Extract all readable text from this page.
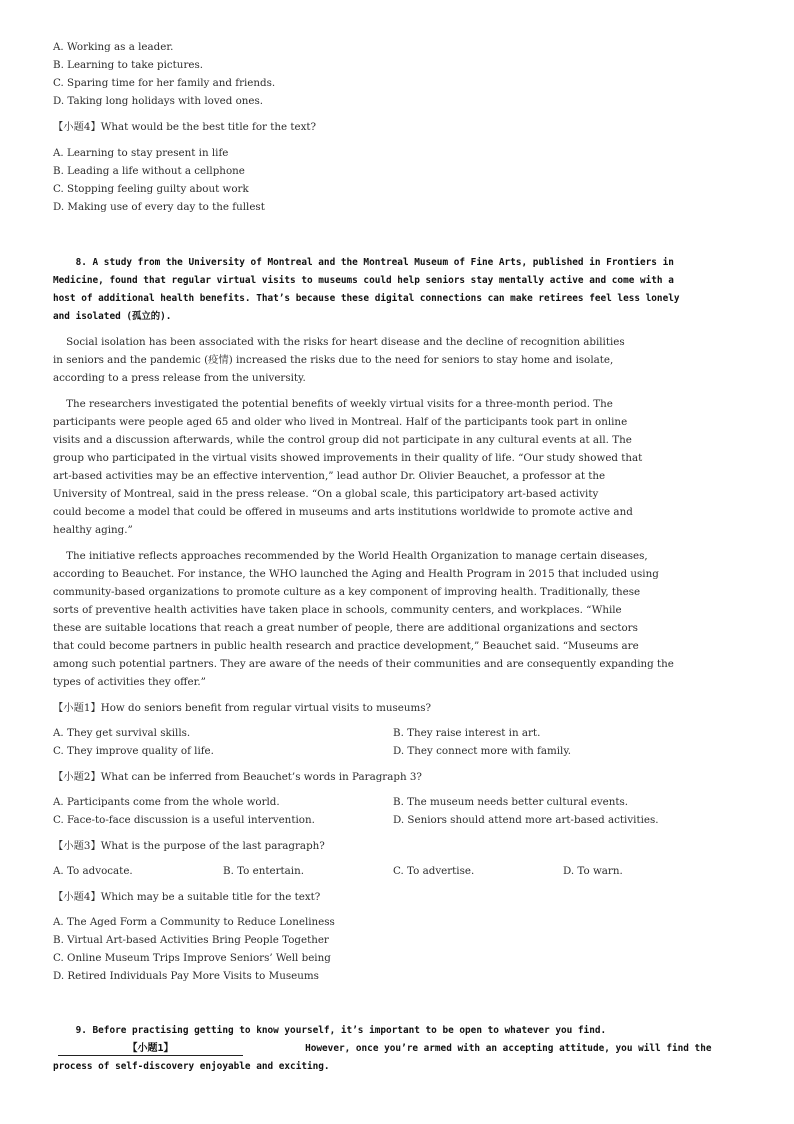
A. Working as a leader.
B. Learning to take pictures.
C. Sparing time for her family and friends.
D. Taking long holidays with loved ones.
【小题4】What would be the best title for the text?
A. Learning to stay present in life
B. Leading a life without a cellphone
C. Stopping feeling guilty about work
D. Making use of every day to the fullest
8. A study from the University of Montreal and the Montreal Museum of Fine Arts, published in Frontiers in
Medicine, found that regular virtual visits to museums could help seniors stay mentally active and come with a
host of additional health benefits. That’s because these digital connections can make retirees feel less lonely
and isolated (孤立的).
Social isolation has been associated with the risks for heart disease and the decline of recognition abilities
in seniors and the pandemic (疫情) increased the risks due to the need for seniors to stay home and isolate,
according to a press release from the university.
The researchers investigated the potential benefits of weekly virtual visits for a three-month period. The
participants were people aged 65 and older who lived in Montreal. Half of the participants took part in online
visits and a discussion afterwards, while the control group did not participate in any cultural events at all. The
group who participated in the virtual visits showed improvements in their quality of life. “Our study showed that
art-based activities may be an effective intervention,” lead author Dr. Olivier Beauchet, a professor at the
University of Montreal, said in the press release. “On a global scale, this participatory art-based activity
could become a model that could be offered in museums and arts institutions worldwide to promote active and
healthy aging.”
The initiative reflects approaches recommended by the World Health Organization to manage certain diseases,
according to Beauchet. For instance, the WHO launched the Aging and Health Program in 2015 that included using
community-based organizations to promote culture as a key component of improving health. Traditionally, these
sorts of preventive health activities have taken place in schools, community centers, and workplaces. “While
these are suitable locations that reach a great number of people, there are additional organizations and sectors
that could become partners in public health research and practice development,” Beauchet said. “Museums are
among such potential partners. They are aware of the needs of their communities and are consequently expanding the
types of activities they offer.”
【小题1】How do seniors benefit from regular virtual visits to museums?
A. They get survival skills.	B. They raise interest in art.
C. They improve quality of life.	D. They connect more with family.
【小题2】What can be inferred from Beauchet’s words in Paragraph 3?
A. Participants come from the whole world.	B. The museum needs better cultural events.
C. Face-to-face discussion is a useful intervention.	D. Seniors should attend more art-based activities.
【小题3】What is the purpose of the last paragraph?
A. To advocate.	B. To entertain.	C. To advertise.	D. To warn.
【小题4】Which may be a suitable title for the text?
A. The Aged Form a Community to Reduce Loneliness
B. Virtual Art-based Activities Bring People Together
C. Online Museum Trips Improve Seniors’ Well being
D. Retired Individuals Pay More Visits to Museums
9. Before practising getting to know yourself, it’s important to be open to whatever you find.
【小题1】	However, once you’re armed with an accepting attitude, you will find the
process of self-discovery enjoyable and exciting.
